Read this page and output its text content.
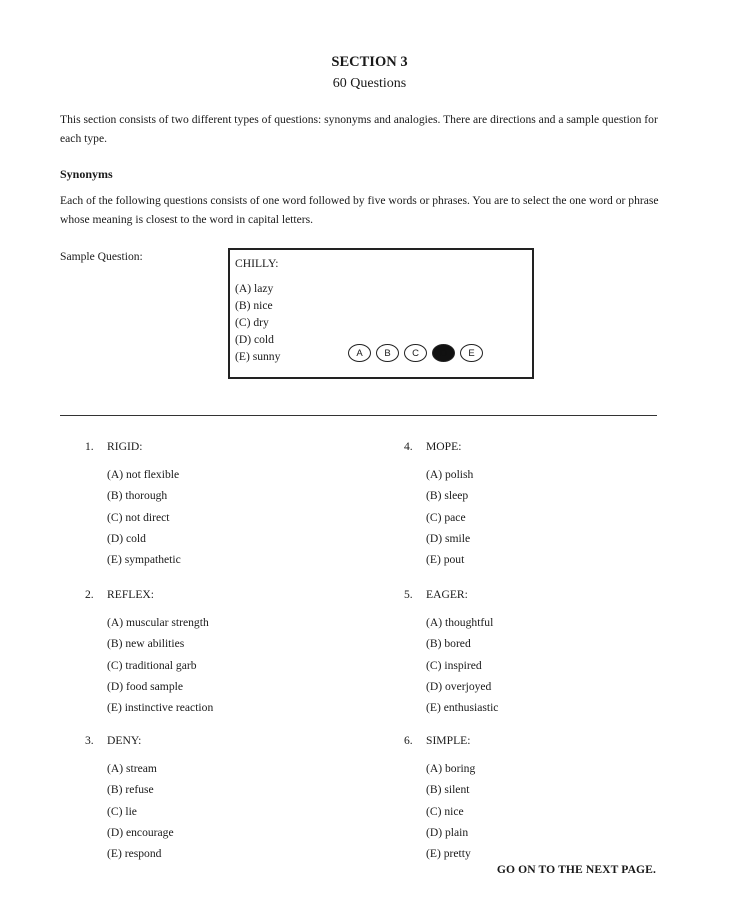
SECTION 3
60 Questions
This section consists of two different types of questions: synonyms and analogies. There are directions and a sample question for each type.
Synonyms
Each of the following questions consists of one word followed by five words or phrases. You are to select the one word or phrase whose meaning is closest to the word in capital letters.
Sample Question:
CHILLY:
(A) lazy
(B) nice
(C) dry
(D) cold
(E) sunny	A	B	C	D	E
1. RIGID:
(A) not flexible
(B) thorough
(C) not direct
(D) cold
(E) sympathetic
2. REFLEX:
(A) muscular strength
(B) new abilities
(C) traditional garb
(D) food sample
(E) instinctive reaction
3. DENY:
(A) stream
(B) refuse
(C) lie
(D) encourage
(E) respond
4. MOPE:
(A) polish
(B) sleep
(C) pace
(D) smile
(E) pout
5. EAGER:
(A) thoughtful
(B) bored
(C) inspired
(D) overjoyed
(E) enthusiastic
6. SIMPLE:
(A) boring
(B) silent
(C) nice
(D) plain
(E) pretty
GO ON TO THE NEXT PAGE.
